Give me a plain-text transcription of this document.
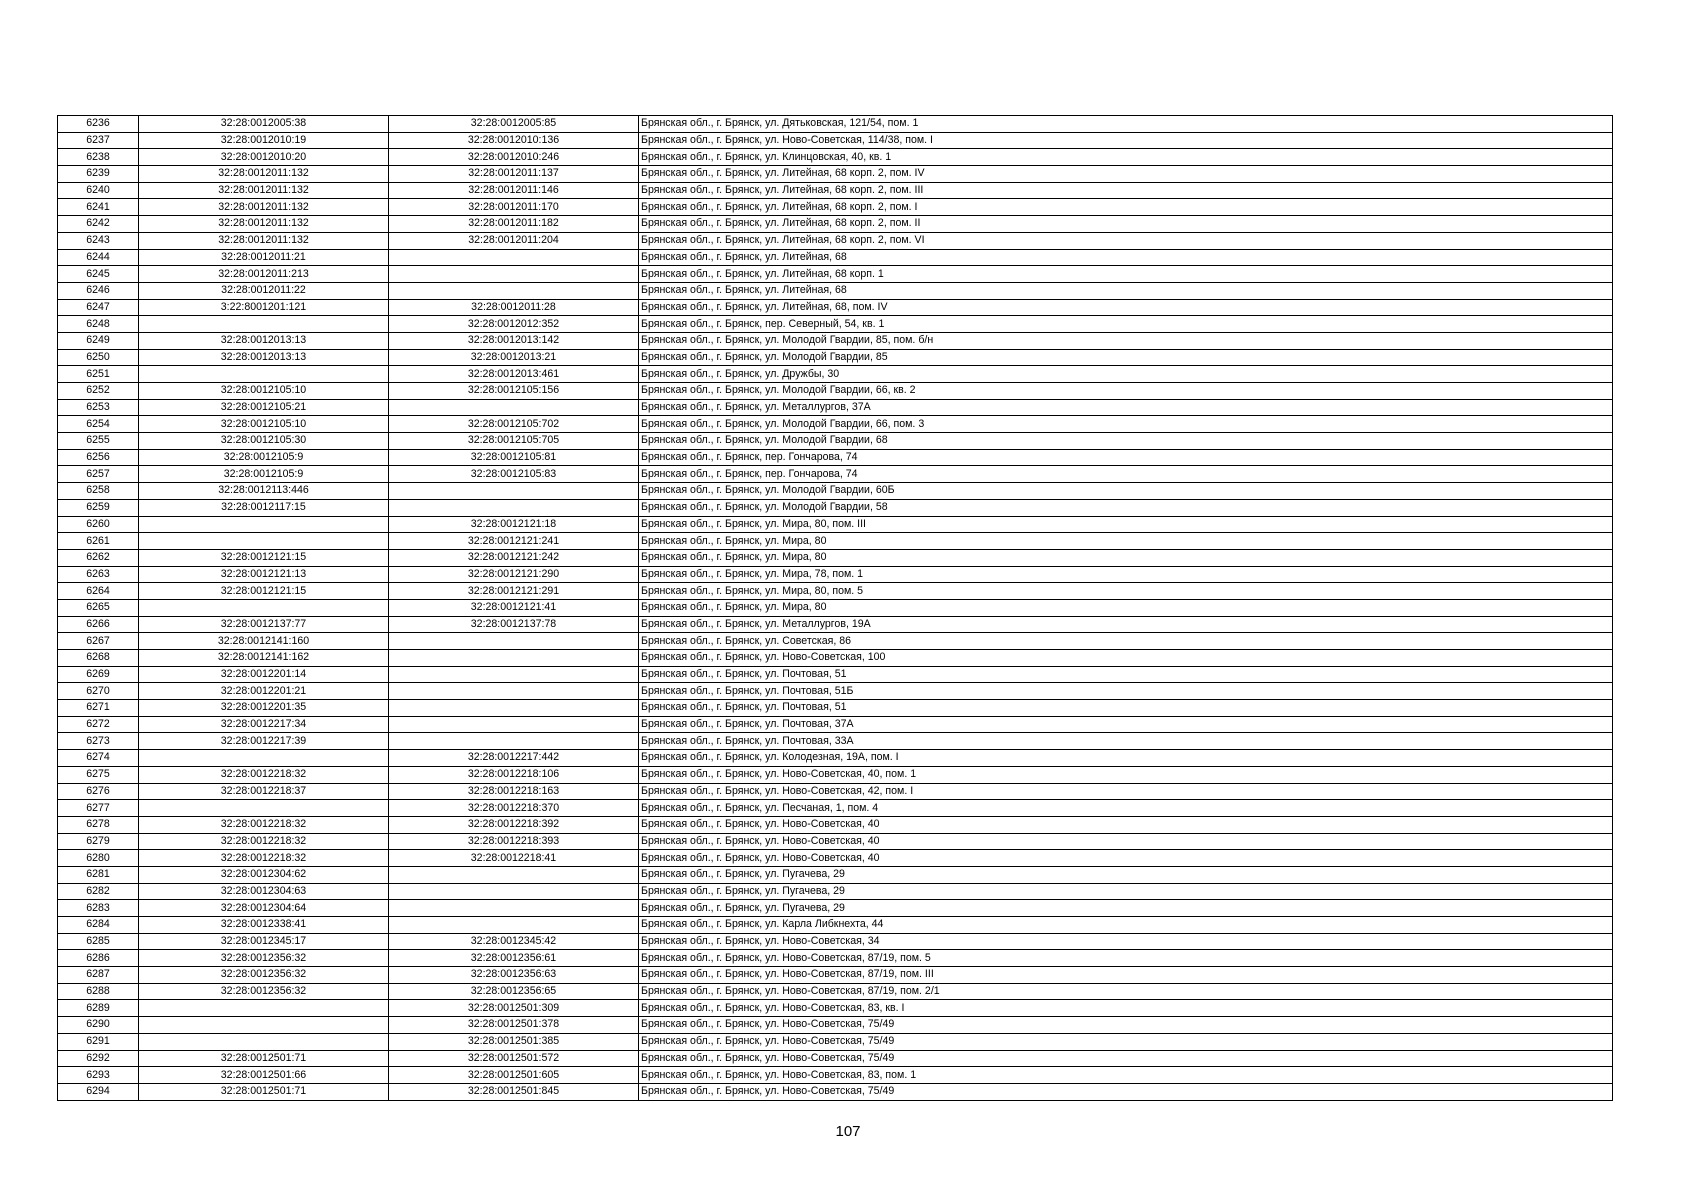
6236	32:28:0012005:38	32:28:0012005:85	Брянская обл., г. Брянск, ул. Дятьковская, 121/54, пом. 1
6237	32:28:0012010:19	32:28:0012010:136	Брянская обл., г. Брянск, ул. Ново-Советская, 114/38, пом. I
6238	32:28:0012010:20	32:28:0012010:246	Брянская обл., г. Брянск, ул. Клинцовская, 40, кв. 1
6239	32:28:0012011:132	32:28:0012011:137	Брянская обл., г. Брянск, ул. Литейная, 68 корп. 2, пом. IV
6240	32:28:0012011:132	32:28:0012011:146	Брянская обл., г. Брянск, ул. Литейная, 68 корп. 2, пом. III
6241	32:28:0012011:132	32:28:0012011:170	Брянская обл., г. Брянск, ул. Литейная, 68 корп. 2, пом. I
6242	32:28:0012011:132	32:28:0012011:182	Брянская обл., г. Брянск, ул. Литейная, 68 корп. 2, пом. II
6243	32:28:0012011:132	32:28:0012011:204	Брянская обл., г. Брянск, ул. Литейная, 68 корп. 2, пом. VI
6244	32:28:0012011:21		Брянская обл., г. Брянск, ул. Литейная, 68
6245	32:28:0012011:213		Брянская обл., г. Брянск, ул. Литейная, 68 корп. 1
6246	32:28:0012011:22		Брянская обл., г. Брянск, ул. Литейная, 68
6247	3:22:8001201:121	32:28:0012011:28	Брянская обл., г. Брянск, ул. Литейная, 68, пом. IV
6248		32:28:0012012:352	Брянская обл., г. Брянск, пер. Северный, 54, кв. 1
6249	32:28:0012013:13	32:28:0012013:142	Брянская обл., г. Брянск, ул. Молодой Гвардии, 85, пом. б/н
6250	32:28:0012013:13	32:28:0012013:21	Брянская обл., г. Брянск, ул. Молодой Гвардии, 85
6251		32:28:0012013:461	Брянская обл., г. Брянск, ул. Дружбы, 30
6252	32:28:0012105:10	32:28:0012105:156	Брянская обл., г. Брянск, ул. Молодой Гвардии, 66, кв. 2
6253	32:28:0012105:21		Брянская обл., г. Брянск, ул. Металлургов, 37А
6254	32:28:0012105:10	32:28:0012105:702	Брянская обл., г. Брянск, ул. Молодой Гвардии, 66, пом. 3
6255	32:28:0012105:30	32:28:0012105:705	Брянская обл., г. Брянск, ул. Молодой Гвардии, 68
6256	32:28:0012105:9	32:28:0012105:81	Брянская обл., г. Брянск, пер. Гончарова, 74
6257	32:28:0012105:9	32:28:0012105:83	Брянская обл., г. Брянск, пер. Гончарова, 74
6258	32:28:0012113:446		Брянская обл., г. Брянск, ул. Молодой Гвардии, 60Б
6259	32:28:0012117:15		Брянская обл., г. Брянск, ул. Молодой Гвардии, 58
6260		32:28:0012121:18	Брянская обл., г. Брянск, ул. Мира, 80, пом. III
6261		32:28:0012121:241	Брянская обл., г. Брянск, ул. Мира, 80
6262	32:28:0012121:15	32:28:0012121:242	Брянская обл., г. Брянск, ул. Мира, 80
6263	32:28:0012121:13	32:28:0012121:290	Брянская обл., г. Брянск, ул. Мира, 78, пом. 1
6264	32:28:0012121:15	32:28:0012121:291	Брянская обл., г. Брянск, ул. Мира, 80, пом. 5
6265		32:28:0012121:41	Брянская обл., г. Брянск, ул. Мира, 80
6266	32:28:0012137:77	32:28:0012137:78	Брянская обл., г. Брянск, ул. Металлургов, 19А
6267	32:28:0012141:160		Брянская обл., г. Брянск, ул. Советская, 86
6268	32:28:0012141:162		Брянская обл., г. Брянск, ул. Ново-Советская, 100
6269	32:28:0012201:14		Брянская обл., г. Брянск, ул. Почтовая, 51
6270	32:28:0012201:21		Брянская обл., г. Брянск, ул. Почтовая, 51Б
6271	32:28:0012201:35		Брянская обл., г. Брянск, ул. Почтовая, 51
6272	32:28:0012217:34		Брянская обл., г. Брянск, ул. Почтовая, 37А
6273	32:28:0012217:39		Брянская обл., г. Брянск, ул. Почтовая, 33А
6274		32:28:0012217:442	Брянская обл., г. Брянск, ул. Колодезная, 19А, пом. I
6275	32:28:0012218:32	32:28:0012218:106	Брянская обл., г. Брянск, ул. Ново-Советская, 40, пом. 1
6276	32:28:0012218:37	32:28:0012218:163	Брянская обл., г. Брянск, ул. Ново-Советская, 42, пом. I
6277		32:28:0012218:370	Брянская обл., г. Брянск, ул. Песчаная, 1, пом. 4
6278	32:28:0012218:32	32:28:0012218:392	Брянская обл., г. Брянск, ул. Ново-Советская, 40
6279	32:28:0012218:32	32:28:0012218:393	Брянская обл., г. Брянск, ул. Ново-Советская, 40
6280	32:28:0012218:32	32:28:0012218:41	Брянская обл., г. Брянск, ул. Ново-Советская, 40
6281	32:28:0012304:62		Брянская обл., г. Брянск, ул. Пугачева, 29
6282	32:28:0012304:63		Брянская обл., г. Брянск, ул. Пугачева, 29
6283	32:28:0012304:64		Брянская обл., г. Брянск, ул. Пугачева, 29
6284	32:28:0012338:41		Брянская обл., г. Брянск, ул. Карла Либкнехта, 44
6285	32:28:0012345:17	32:28:0012345:42	Брянская обл., г. Брянск, ул. Ново-Советская, 34
6286	32:28:0012356:32	32:28:0012356:61	Брянская обл., г. Брянск, ул. Ново-Советская, 87/19, пом. 5
6287	32:28:0012356:32	32:28:0012356:63	Брянская обл., г. Брянск, ул. Ново-Советская, 87/19, пом. III
6288	32:28:0012356:32	32:28:0012356:65	Брянская обл., г. Брянск, ул. Ново-Советская, 87/19, пом. 2/1
6289		32:28:0012501:309	Брянская обл., г. Брянск, ул. Ново-Советская, 83, кв. I
6290		32:28:0012501:378	Брянская обл., г. Брянск, ул. Ново-Советская, 75/49
6291		32:28:0012501:385	Брянская обл., г. Брянск, ул. Ново-Советская, 75/49
6292	32:28:0012501:71	32:28:0012501:572	Брянская обл., г. Брянск, ул. Ново-Советская, 75/49
6293	32:28:0012501:66	32:28:0012501:605	Брянская обл., г. Брянск, ул. Ново-Советская, 83, пом. 1
6294	32:28:0012501:71	32:28:0012501:845	Брянская обл., г. Брянск, ул. Ново-Советская, 75/49
107
